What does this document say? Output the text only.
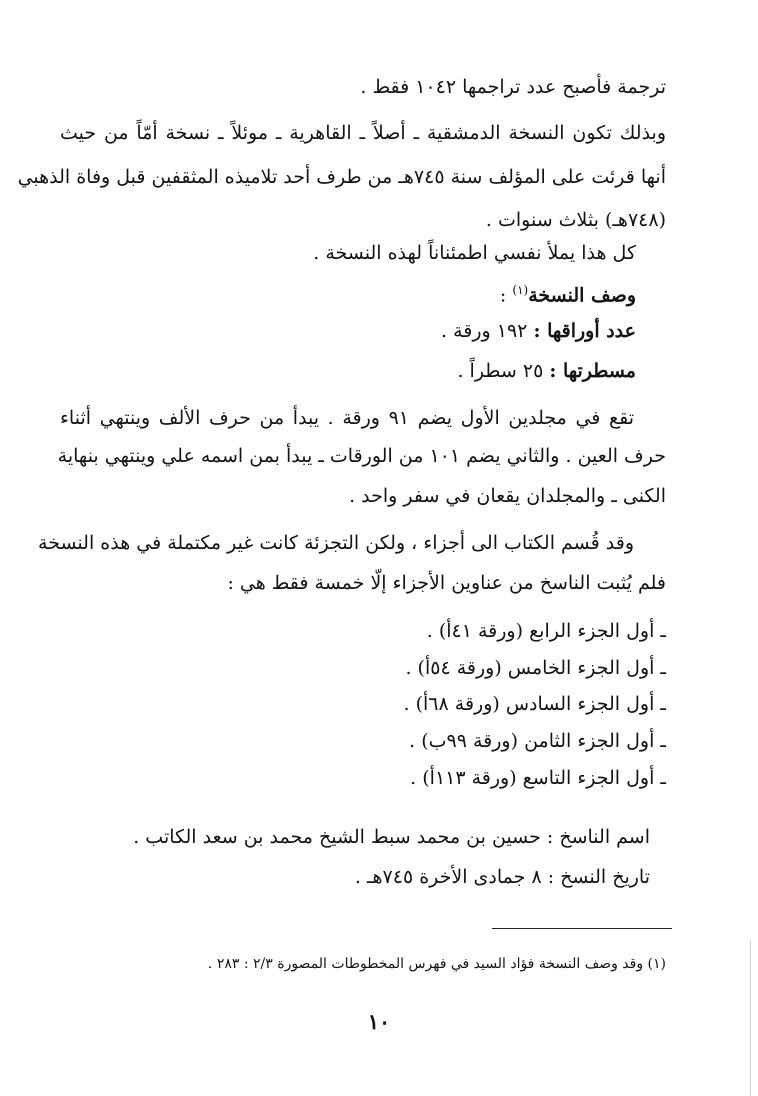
ترجمة فأصبح عدد تراجمها ١٠٤٢ فقط .
وبذلك تكون النسخة الدمشقية ـ أصلاً ـ القاهرية ـ موئلاً ـ نسخة أمّاً من حيث
أنها قرئت على المؤلف سنة ٧٤٥هـ من طرف أحد تلاميذه المثقفين قبل وفاة الذهبي
(٧٤٨هـ) بثلاث سنوات .
كل هذا يملأ نفسي اطمئناناً لهذه النسخة .
وصف النسخة$^{(١)}$ :
عدد أوراقها : ١٩٢ ورقة .
مسطرتها : ٢٥ سطراً .
تقع في مجلدين الأول يضم ٩١ ورقة . يبدأ من حرف الألف وينتهي أثناء
حرف العين . والثاني يضم ١٠١ من الورقات ـ يبدأ بمن اسمه علي وينتهي بنهاية
الكنى ـ والمجلدان يقعان في سفر واحد .
وقد قُسم الكتاب الى أجزاء ، ولكن التجزئة كانت غير مكتملة في هذه النسخة
فلم يُثبت الناسخ من عناوين الأجزاء إلّا خمسة فقط هي :
ـ أول الجزء الرابع (ورقة ٤١أ) .
ـ أول الجزء الخامس (ورقة ٥٤أ) .
ـ أول الجزء السادس (ورقة ٦٨أ) .
ـ أول الجزء الثامن (ورقة ٩٩ب) .
ـ أول الجزء التاسع (ورقة ١١٣أ) .
اسم الناسخ : حسين بن محمد سبط الشيخ محمد بن سعد الكاتب .
تاريخ النسخ : ٨ جمادى الأخرة ٧٤٥هـ .
(١) وقد وصف النسخة فؤاد السيد في فهرس المخطوطات المصورة ٢/٣ : ٢٨٣ .
١٠
